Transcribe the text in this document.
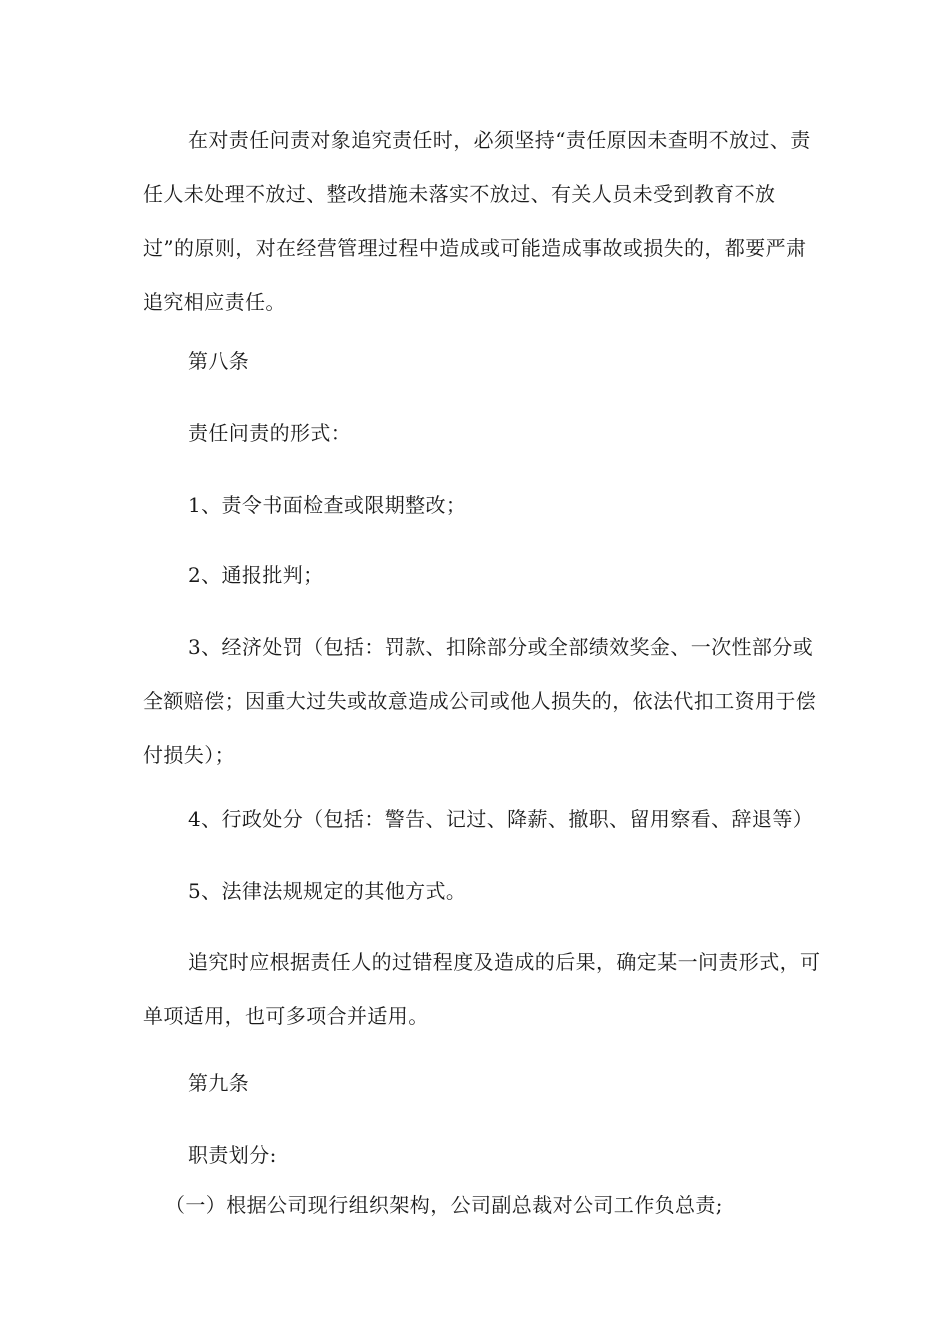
在对责任问责对象追究责任时，必须坚持“责任原因未查明不放过、责任人未处理不放过、整改措施未落实不放过、有关人员未受到教育不放过”的原则，对在经营管理过程中造成或可能造成事故或损失的，都要严肃追究相应责任。

第八条

责任问责的形式：

1、责令书面检查或限期整改；

2、通报批判；

3、经济处罚（包括：罚款、扣除部分或全部绩效奖金、一次性部分或全额赔偿；因重大过失或故意造成公司或他人损失的，依法代扣工资用于偿付损失）；

4、行政处分（包括：警告、记过、降薪、撤职、留用察看、辞退等）

5、法律法规规定的其他方式。

追究时应根据责任人的过错程度及造成的后果，确定某一问责形式，可单项适用，也可多项合并适用。

第九条

职责划分:

（一）根据公司现行组织架构，公司副总裁对公司工作负总责;
